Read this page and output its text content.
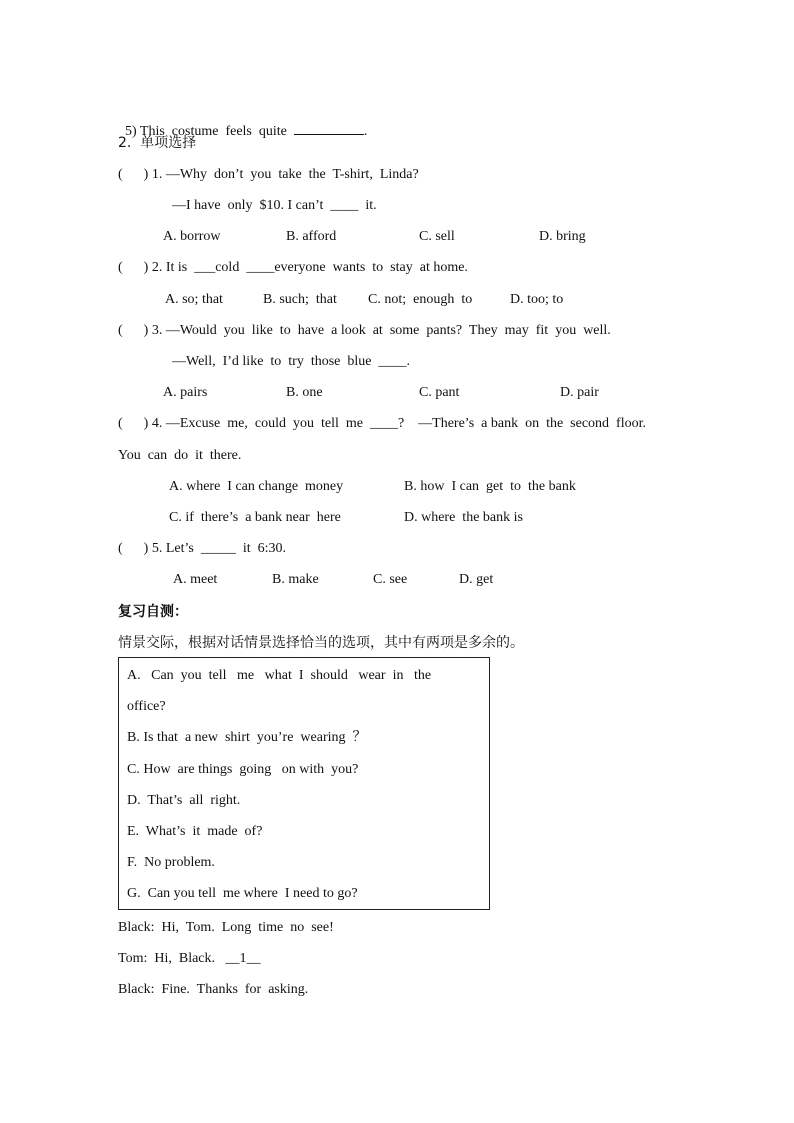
5) This  costume  feels  quite	.

2.  单项选择
(      ) 1. —Why  don’t  you  take  the  T-shirt,  Linda?
—I have  only  $10. I can’t  ____  it.
A. borrow	B. afford	C. sell	D. bring
(      ) 2. It is  ___cold  ____everyone  wants  to  stay  at home.
A. so; that	B. such;  that C. not;  enough  to	D. too; to
(      ) 3. —Would  you  like  to  have  a look  at  some  pants?  They  may  fit  you  well.
—Well,  I’d like  to  try  those  blue  ____.
A. pairs	B. one	C. pant	D. pair
(      ) 4. —Excuse  me,  could  you  tell  me  ____?    —There’s  a bank  on  the  second  floor.
You  can  do  it  there.
A. where  I can change  money	B. how  I can  get  to  the bank
C. if  there’s  a bank near  here	D. where  the bank is
(      ) 5. Let’s  _____  it  6:30.
A. meet	B. make	C. see	D. get
复习自测：
情景交际，根据对话情景选择恰当的选项，其中有两项是多余的。
A.   Can  you  tell   me   what  I  should   wear  in   the
office?
B. Is that  a new  shirt  you’re  wearing  ？
C. How  are things  going   on with  you?
D.  That’s  all  right.
E.  What’s  it  made  of?
F.  No problem.
G.  Can you tell  me where  I need to go?
Black:  Hi,  Tom.  Long  time  no  see!
Tom:  Hi,  Black.   __1__
Black:  Fine.  Thanks  for  asking.
